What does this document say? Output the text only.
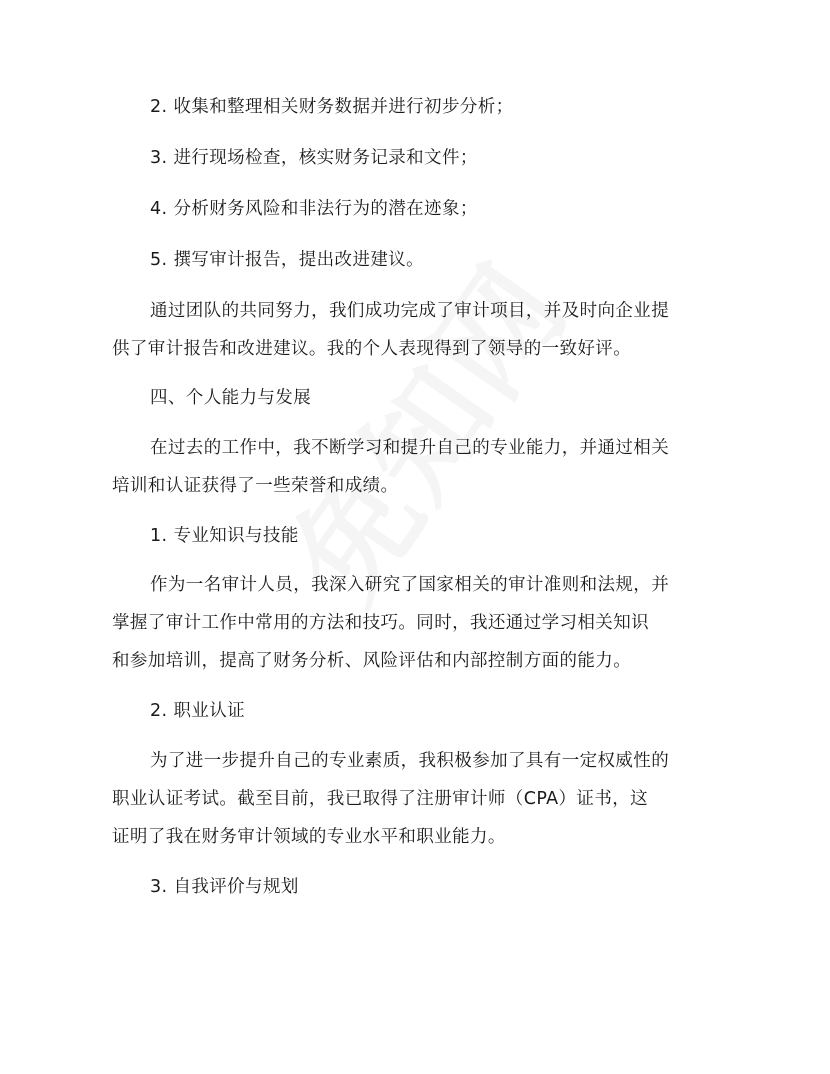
2. 收集和整理相关财务数据并进行初步分析；
3. 进行现场检查，核实财务记录和文件；
4. 分析财务风险和非法行为的潜在迹象；
5. 撰写审计报告，提出改进建议。
通过团队的共同努力，我们成功完成了审计项目，并及时向企业提
供了审计报告和改进建议。我的个人表现得到了领导的一致好评。
四、个人能力与发展
在过去的工作中，我不断学习和提升自己的专业能力，并通过相关
培训和认证获得了一些荣誉和成绩。
1. 专业知识与技能
作为一名审计人员，我深入研究了国家相关的审计准则和法规，并
掌握了审计工作中常用的方法和技巧。同时，我还通过学习相关知识
和参加培训，提高了财务分析、风险评估和内部控制方面的能力。
2. 职业认证
为了进一步提升自己的专业素质，我积极参加了具有一定权威性的
职业认证考试。截至目前，我已取得了注册审计师（CPA）证书，这
证明了我在财务审计领域的专业水平和职业能力。
3. 自我评价与规划
